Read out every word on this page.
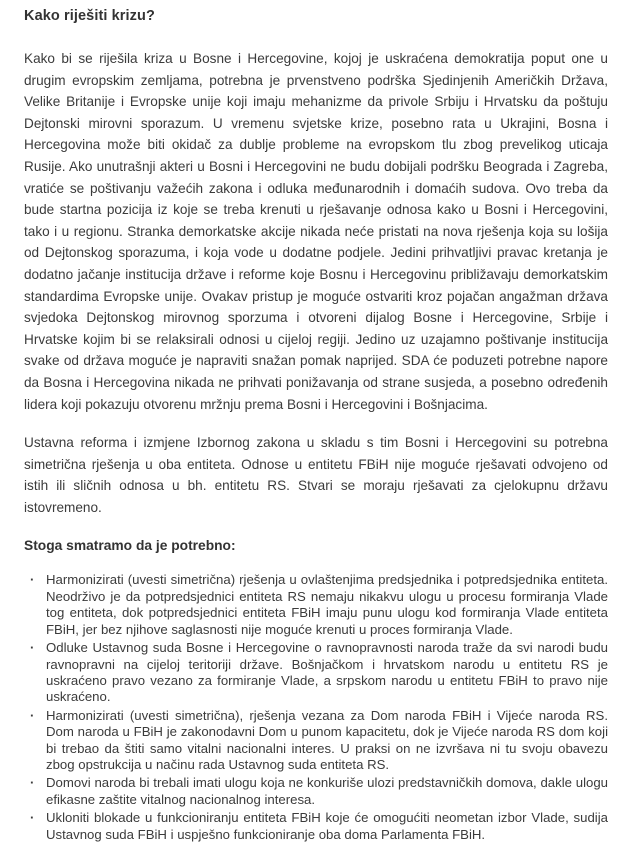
Kako riješiti krizu?

Kako bi se riješila kriza u Bosne i Hercegovine, kojoj je uskraćena demokratija poput one u drugim evropskim zemljama, potrebna je prvenstveno podrška Sjedinjenih Američkih Država, Velike Britanije i Evropske unije koji imaju mehanizme da privole Srbiju i Hrvatsku da poštuju Dejtonski mirovni sporazum. U vremenu svjetske krize, posebno rata u Ukrajini, Bosna i Hercegovina može biti okidač za dublje probleme na evropskom tlu zbog prevelikog uticaja Rusije. Ako unutrašnji akteri u Bosni i Hercegovini ne budu dobijali podršku Beograda i Zagreba, vratiće se poštivanju važećih zakona i odluka međunarodnih i domaćih sudova. Ovo treba da bude startna pozicija iz koje se treba krenuti u rješavanje odnosa kako u Bosni i Hercegovini, tako i u regionu. Stranka demorkatske akcije nikada neće pristati na nova rješenja koja su lošija od Dejtonskog sporazuma, i koja vode u dodatne podjele. Jedini prihvatljivi pravac kretanja je dodatno jačanje institucija države i reforme koje Bosnu i Hercegovinu približavaju demorkatskim standardima Evropske unije. Ovakav pristup je moguće ostvariti kroz pojačan angažman država svjedoka Dejtonskog mirovnog sporzuma i otvoreni dijalog Bosne i Hercegovine, Srbije i Hrvatske kojim bi se relaksirali odnosi u cijeloj regiji. Jedino uz uzajamno poštivanje institucija svake od država moguće je napraviti snažan pomak naprijed. SDA će poduzeti potrebne napore da Bosna i Hercegovina nikada ne prihvati ponižavanja od strane susjeda, a posebno određenih lidera koji pokazuju otvorenu mržnju prema Bosni i Hercegovini i Bošnjacima.

Ustavna reforma i izmjene Izbornog zakona u skladu s tim Bosni i Hercegovini su potrebna simetrična rješenja u oba entiteta. Odnose u entitetu FBiH nije moguće rješavati odvojeno od istih ili sličnih odnosa u bh. entitetu RS. Stvari se moraju rješavati za cjelokupnu državu istovremeno.

Stoga smatramo da je potrebno:

· Harmonizirati (uvesti simetrična) rješenja u ovlaštenjima predsjednika i potpredsjednika entiteta. Neodrživo je da potpredsjednici entiteta RS nemaju nikakvu ulogu u procesu formiranja Vlade tog entiteta, dok potpredsjednici entiteta FBiH imaju punu ulogu kod formiranja Vlade entiteta FBiH, jer bez njihove saglasnosti nije moguće krenuti u proces formiranja Vlade.
· Odluke Ustavnog suda Bosne i Hercegovine o ravnopravnosti naroda traže da svi narodi budu ravnopravni na cijeloj teritoriji države. Bošnjačkom i hrvatskom narodu u entitetu RS je uskraćeno pravo vezano za formiranje Vlade, a srpskom narodu u entitetu FBiH to pravo nije uskraćeno.
· Harmonizirati (uvesti simetrična), rješenja vezana za Dom naroda FBiH i Vijeće naroda RS. Dom naroda u FBiH je zakonodavni Dom u punom kapacitetu, dok je Vijeće naroda RS dom koji bi trebao da štiti samo vitalni nacionalni interes. U praksi on ne izvršava ni tu svoju obavezu zbog opstrukcija u načinu rada Ustavnog suda entiteta RS.
· Domovi naroda bi trebali imati ulogu koja ne konkuriše ulozi predstavničkih domova, dakle ulogu efikasne zaštite vitalnog nacionalnog interesa.
· Ukloniti blokade u funkcioniranju entiteta FBiH koje će omogućiti neometan izbor Vlade, sudija Ustavnog suda FBiH i uspješno funkcioniranje oba doma Parlamenta FBiH.
